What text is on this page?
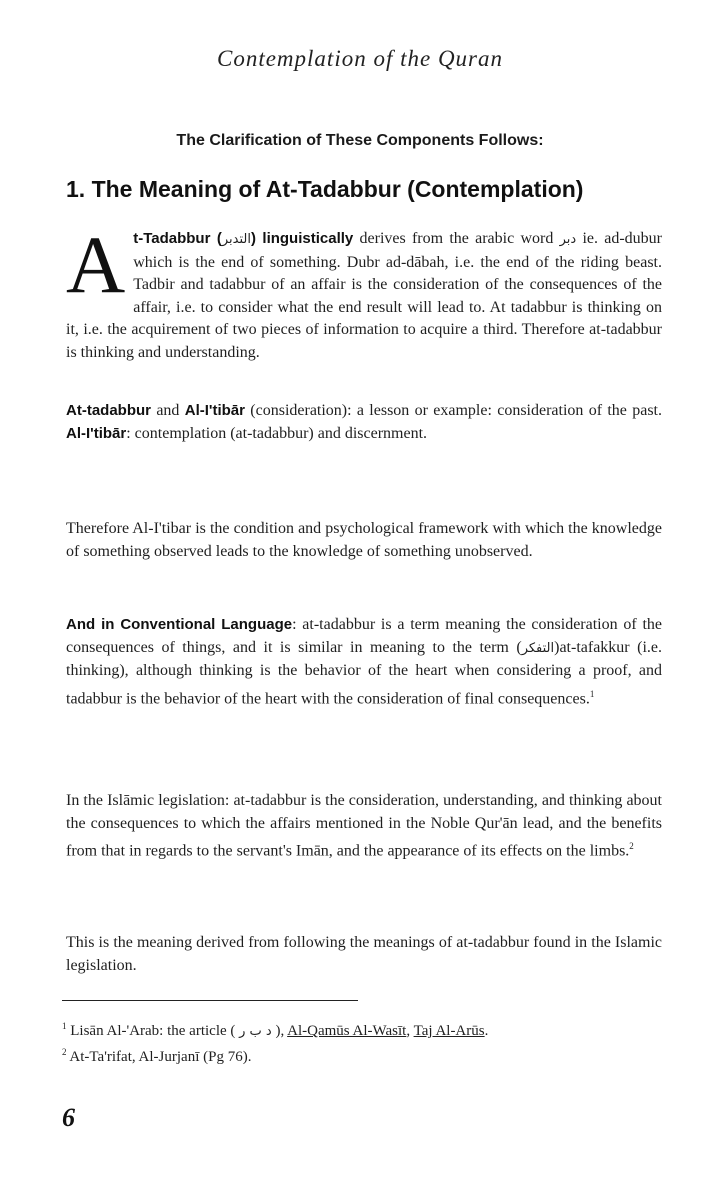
Contemplation of the Quran
The Clarification of These Components Follows:
1. The Meaning of At-Tadabbur (Contemplation)
At-Tadabbur (التدبر) linguistically derives from the arabic word دبر ie. ad-dubur which is the end of something. Dubr ad-dābah, i.e. the end of the riding beast. Tadbir and tadabbur of an affair is the consideration of the consequences of the affair, i.e. to consider what the end result will lead to. At tadabbur is thinking on it, i.e. the acquirement of two pieces of information to acquire a third. Therefore at-tadabbur is thinking and understanding.
At-tadabbur and Al-I'tibār (consideration): a lesson or example: consideration of the past. Al-I'tibār: contemplation (at-tadabbur) and discernment.
Therefore Al-I'tibar is the condition and psychological framework with which the knowledge of something observed leads to the knowledge of something unobserved.
And in Conventional Language: at-tadabbur is a term meaning the consideration of the consequences of things, and it is similar in meaning to the term (التفكر)at-tafakkur (i.e. thinking), although thinking is the behavior of the heart when considering a proof, and tadabbur is the behavior of the heart with the consideration of final consequences.$^1$
In the Islāmic legislation: at-tadabbur is the consideration, understanding, and thinking about the consequences to which the affairs mentioned in the Noble Qur'ān lead, and the benefits from that in regards to the servant's Imān, and the appearance of its effects on the limbs.$^2$
This is the meaning derived from following the meanings of at-tadabbur found in the Islamic legislation.
$^1$ Lisān Al-'Arab: the article ( د ب ر ), Al-Qamūs Al-Wasīt, Taj Al-Arūs.
$^2$ At-Ta'rifat, Al-Jurjanī (Pg 76).
6
